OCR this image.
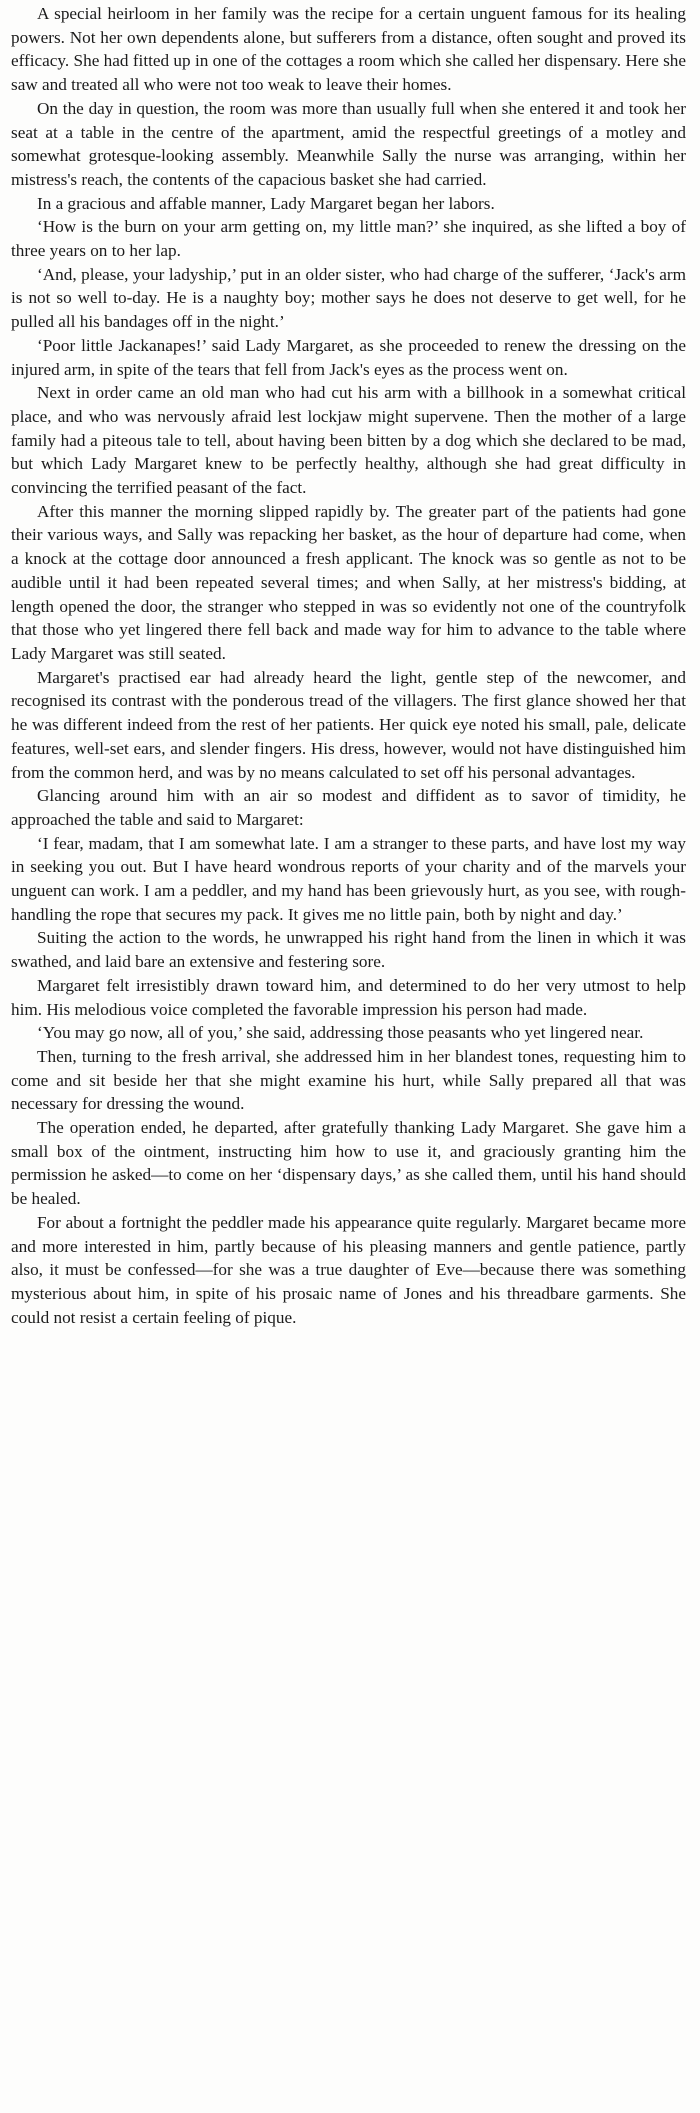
A special heirloom in her family was the recipe for a certain unguent famous for its healing powers. Not her own dependents alone, but sufferers from a distance, often sought and proved its efficacy. She had fitted up in one of the cottages a room which she called her dispensary. Here she saw and treated all who were not too weak to leave their homes.

On the day in question, the room was more than usually full when she entered it and took her seat at a table in the centre of the apartment, amid the respectful greetings of a motley and somewhat grotesque-looking assembly. Meanwhile Sally the nurse was arranging, within her mistress's reach, the contents of the capacious basket she had carried.

In a gracious and affable manner, Lady Margaret began her labors.

‘How is the burn on your arm getting on, my little man?’ she inquired, as she lifted a boy of three years on to her lap.

‘And, please, your ladyship,’ put in an older sister, who had charge of the sufferer, ‘Jack's arm is not so well to-day. He is a naughty boy; mother says he does not deserve to get well, for he pulled all his bandages off in the night.’

‘Poor little Jackanapes!’ said Lady Margaret, as she proceeded to renew the dressing on the injured arm, in spite of the tears that fell from Jack's eyes as the process went on.

Next in order came an old man who had cut his arm with a billhook in a somewhat critical place, and who was nervously afraid lest lockjaw might supervene. Then the mother of a large family had a piteous tale to tell, about having been bitten by a dog which she declared to be mad, but which Lady Margaret knew to be perfectly healthy, although she had great difficulty in convincing the terrified peasant of the fact.

After this manner the morning slipped rapidly by. The greater part of the patients had gone their various ways, and Sally was repacking her basket, as the hour of departure had come, when a knock at the cottage door announced a fresh applicant. The knock was so gentle as not to be audible until it had been repeated several times; and when Sally, at her mistress's bidding, at length opened the door, the stranger who stepped in was so evidently not one of the countryfolk that those who yet lingered there fell back and made way for him to advance to the table where Lady Margaret was still seated.

Margaret's practised ear had already heard the light, gentle step of the newcomer, and recognised its contrast with the ponderous tread of the villagers. The first glance showed her that he was different indeed from the rest of her patients. Her quick eye noted his small, pale, delicate features, well-set ears, and slender fingers. His dress, however, would not have distinguished him from the common herd, and was by no means calculated to set off his personal advantages.

Glancing around him with an air so modest and diffident as to savor of timidity, he approached the table and said to Margaret:

‘I fear, madam, that I am somewhat late. I am a stranger to these parts, and have lost my way in seeking you out. But I have heard wondrous reports of your charity and of the marvels your unguent can work. I am a peddler, and my hand has been grievously hurt, as you see, with rough-handling the rope that secures my pack. It gives me no little pain, both by night and day.’

Suiting the action to the words, he unwrapped his right hand from the linen in which it was swathed, and laid bare an extensive and festering sore.

Margaret felt irresistibly drawn toward him, and determined to do her very utmost to help him. His melodious voice completed the favorable impression his person had made.

‘You may go now, all of you,’ she said, addressing those peasants who yet lingered near.

Then, turning to the fresh arrival, she addressed him in her blandest tones, requesting him to come and sit beside her that she might examine his hurt, while Sally prepared all that was necessary for dressing the wound.

The operation ended, he departed, after gratefully thanking Lady Margaret. She gave him a small box of the ointment, instructing him how to use it, and graciously granting him the permission he asked—to come on her ‘dispensary days,’ as she called them, until his hand should be healed.

For about a fortnight the peddler made his appearance quite regularly. Margaret became more and more interested in him, partly because of his pleasing manners and gentle patience, partly also, it must be confessed—for she was a true daughter of Eve—because there was something mysterious about him, in spite of his prosaic name of Jones and his threadbare garments. She could not resist a certain feeling of pique.
